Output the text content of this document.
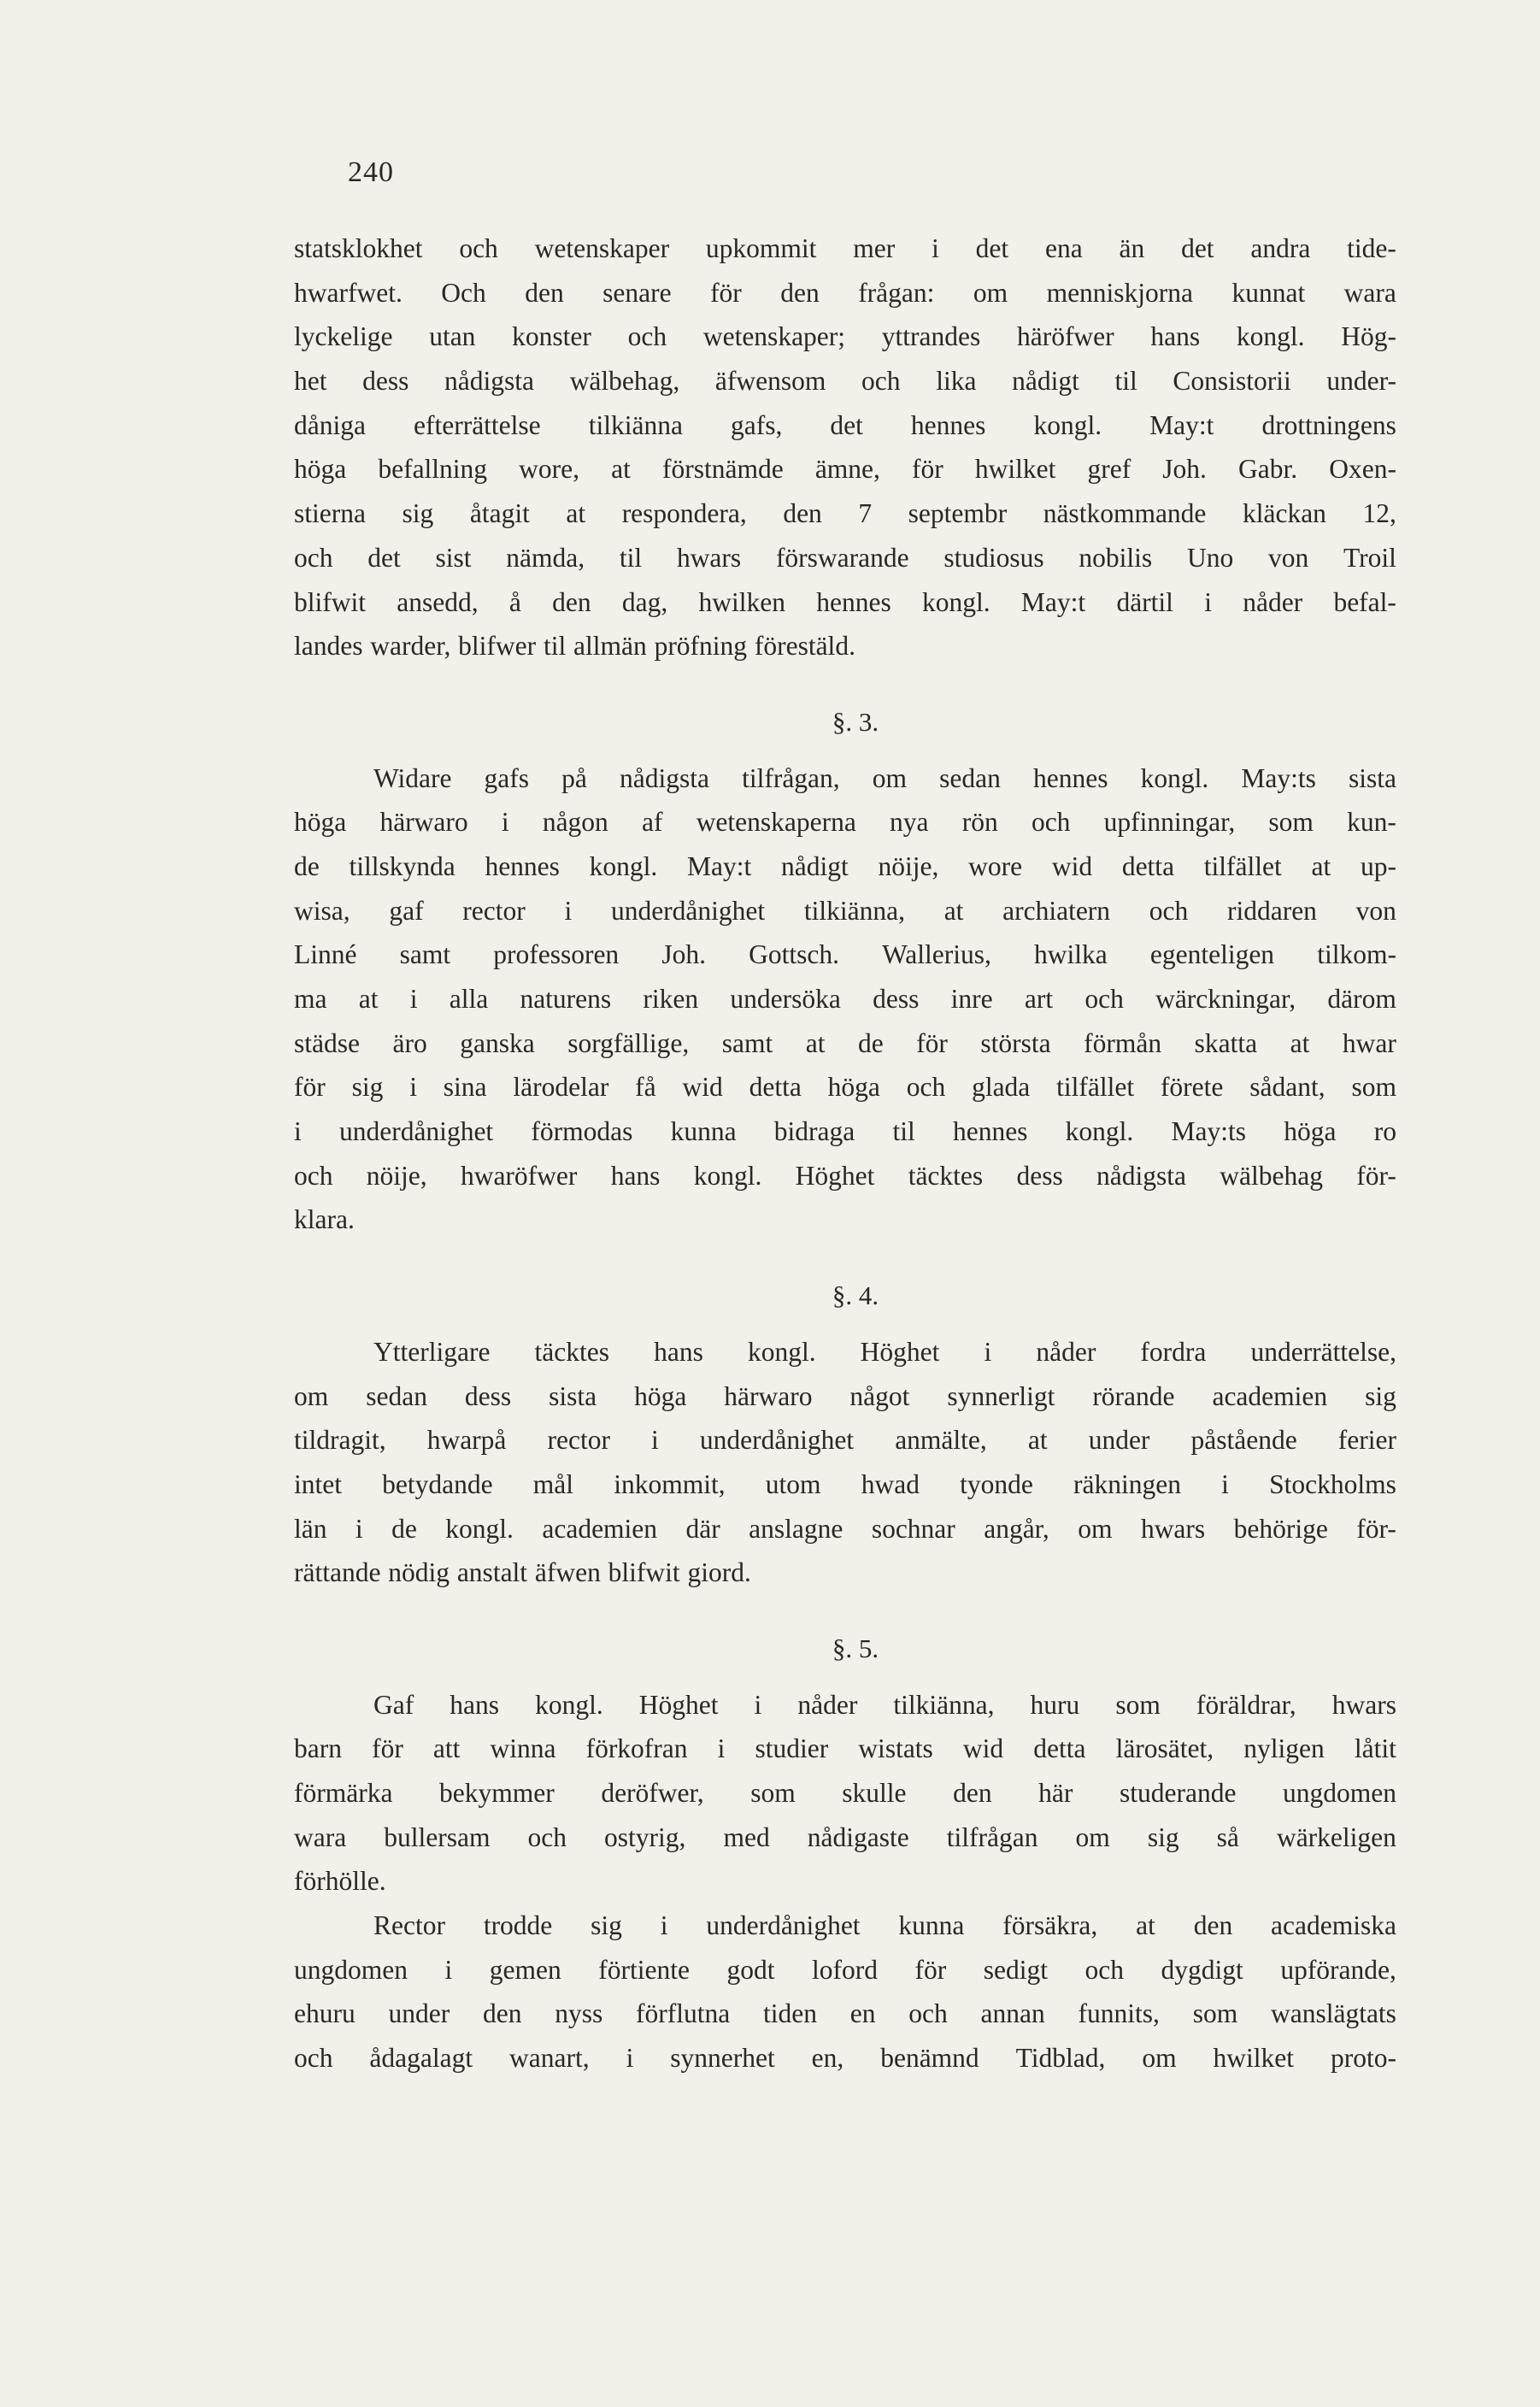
240
statsklokhet och wetenskaper upkommit mer i det ena än det andra tide-
hwarfwet. Och den senare för den frågan: om menniskjorna kunnat wara
lyckelige utan konster och wetenskaper; yttrandes häröfwer hans kongl. Hög-
het dess nådigsta wälbehag, äfwensom och lika nådigt til Consistorii under-
dåniga efterrättelse tilkiänna gafs, det hennes kongl. May:t drottningens
höga befallning wore, at förstnämde ämne, för hwilket gref Joh. Gabr. Oxen-
stierna sig åtagit at respondera, den 7 septembr nästkommande kläckan 12,
och det sist nämda, til hwars förswarande studiosus nobilis Uno von Troil
blifwit ansedd, å den dag, hwilken hennes kongl. May:t därtil i nåder befal-
landes warder, blifwer til allmän pröfning förestäld.
§. 3.
Widare gafs på nådigsta tilfrågan, om sedan hennes kongl. May:ts sista
höga härwaro i någon af wetenskaperna nya rön och upfinningar, som kun-
de tillskynda hennes kongl. May:t nådigt nöije, wore wid detta tilfället at up-
wisa, gaf rector i underdånighet tilkiänna, at archiatern och riddaren von
Linné samt professoren Joh. Gottsch. Wallerius, hwilka egenteligen tilkom-
ma at i alla naturens riken undersöka dess inre art och wärckningar, därom
städse äro ganska sorgfällige, samt at de för största förmån skatta at hwar
för sig i sina lärodelar få wid detta höga och glada tilfället förete sådant, som
i underdånighet förmodas kunna bidraga til hennes kongl. May:ts höga ro
och nöije, hwaröfwer hans kongl. Höghet täcktes dess nådigsta wälbehag för-
klara.
§. 4.
Ytterligare täcktes hans kongl. Höghet i nåder fordra underrättelse,
om sedan dess sista höga härwaro något synnerligt rörande academien sig
tildragit, hwarpå rector i underdånighet anmälte, at under påstående ferier
intet betydande mål inkommit, utom hwad tyonde räkningen i Stockholms
län i de kongl. academien där anslagne sochnar angår, om hwars behörige för-
rättande nödig anstalt äfwen blifwit giord.
§. 5.
Gaf hans kongl. Höghet i nåder tilkiänna, huru som föräldrar, hwars
barn för att winna förkofran i studier wistats wid detta lärosätet, nyligen låtit
förmärka bekymmer deröfwer, som skulle den här studerande ungdomen
wara bullersam och ostyrig, med nådigaste tilfrågan om sig så wärkeligen
förhölle.
Rector trodde sig i underdånighet kunna försäkra, at den academiska
ungdomen i gemen förtiente godt loford för sedigt och dygdigt upförande,
ehuru under den nyss förflutna tiden en och annan funnits, som wanslägtats
och ådagalagt wanart, i synnerhet en, benämnd Tidblad, om hwilket proto-
